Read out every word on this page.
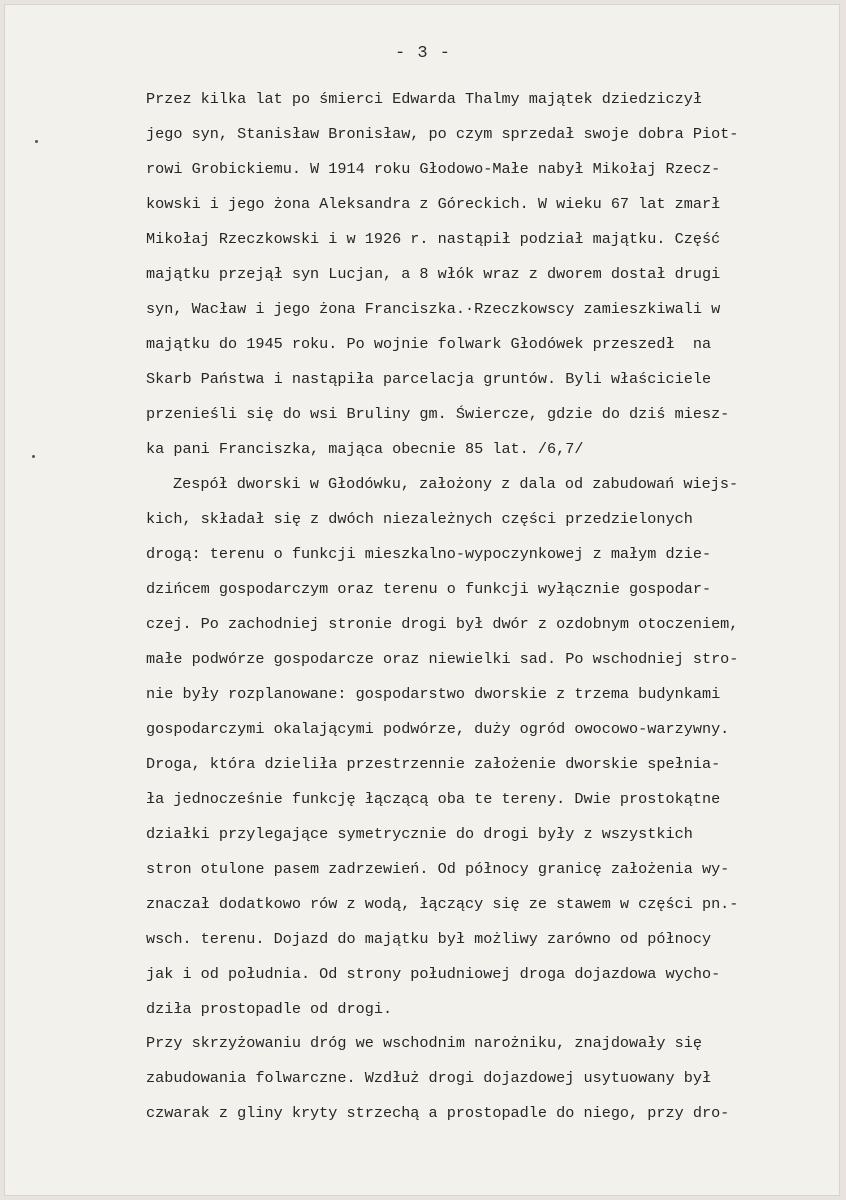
- 3 -
Przez kilka lat po śmierci Edwarda Thalmy majątek dziedziczył
jego syn, Stanisław Bronisław, po czym sprzedał swoje dobra Piot-
rowi Grobickiemu. W 1914 roku Głodowo-Małe nabył Mikołaj Rzecz-
kowski i jego żona Aleksandra z Góreckich. W wieku 67 lat zmarł
Mikołaj Rzeczkowski i w 1926 r. nastąpił podział majątku. Część
majątku przejął syn Lucjan, a 8 włók wraz z dworem dostał drugi
syn, Wacław i jego żona Franciszka.·Rzeczkowscy zamieszkiwali w
majątku do 1945 roku. Po wojnie folwark Głodówek przeszedł  na
Skarb Państwa i nastąpiła parcelacja gruntów. Byli właściciele
przenieśli się do wsi Bruliny gm. Świercze, gdzie do dziś miesz-
ka pani Franciszka, mająca obecnie 85 lat. /6,7/
Zespół dworski w Głodówku, założony z dala od zabudowań wiejs-
kich, składał się z dwóch niezależnych części przedzielonych
drogą: terenu o funkcji mieszkalno-wypoczynkowej z małym dzie-
dzińcem gospodarczym oraz terenu o funkcji wyłącznie gospodar-
czej. Po zachodniej stronie drogi był dwór z ozdobnym otoczeniem,
małe podwórze gospodarcze oraz niewielki sad. Po wschodniej stro-
nie były rozplanowane: gospodarstwo dworskie z trzema budynkami
gospodarczymi okalającymi podwórze, duży ogród owocowo-warzywny.
Droga, która dzieliła przestrzennie założenie dworskie spełnia-
ła jednocześnie funkcję łączącą oba te tereny. Dwie prostokątne
działki przylegające symetrycznie do drogi były z wszystkich
stron otulone pasem zadrzewień. Od północy granicę założenia wy-
znaczał dodatkowo rów z wodą, łączący się ze stawem w części pn.-
wsch. terenu. Dojazd do majątku był możliwy zarówno od północy
jak i od południa. Od strony południowej droga dojazdowa wycho-
dziła prostopadle od drogi.
Przy skrzyżowaniu dróg we wschodnim narożniku, znajdowały się
zabudowania folwarczne. Wzdłuż drogi dojazdowej usytuowany był
czwarak z gliny kryty strzechą a prostopadle do niego, przy dro-
